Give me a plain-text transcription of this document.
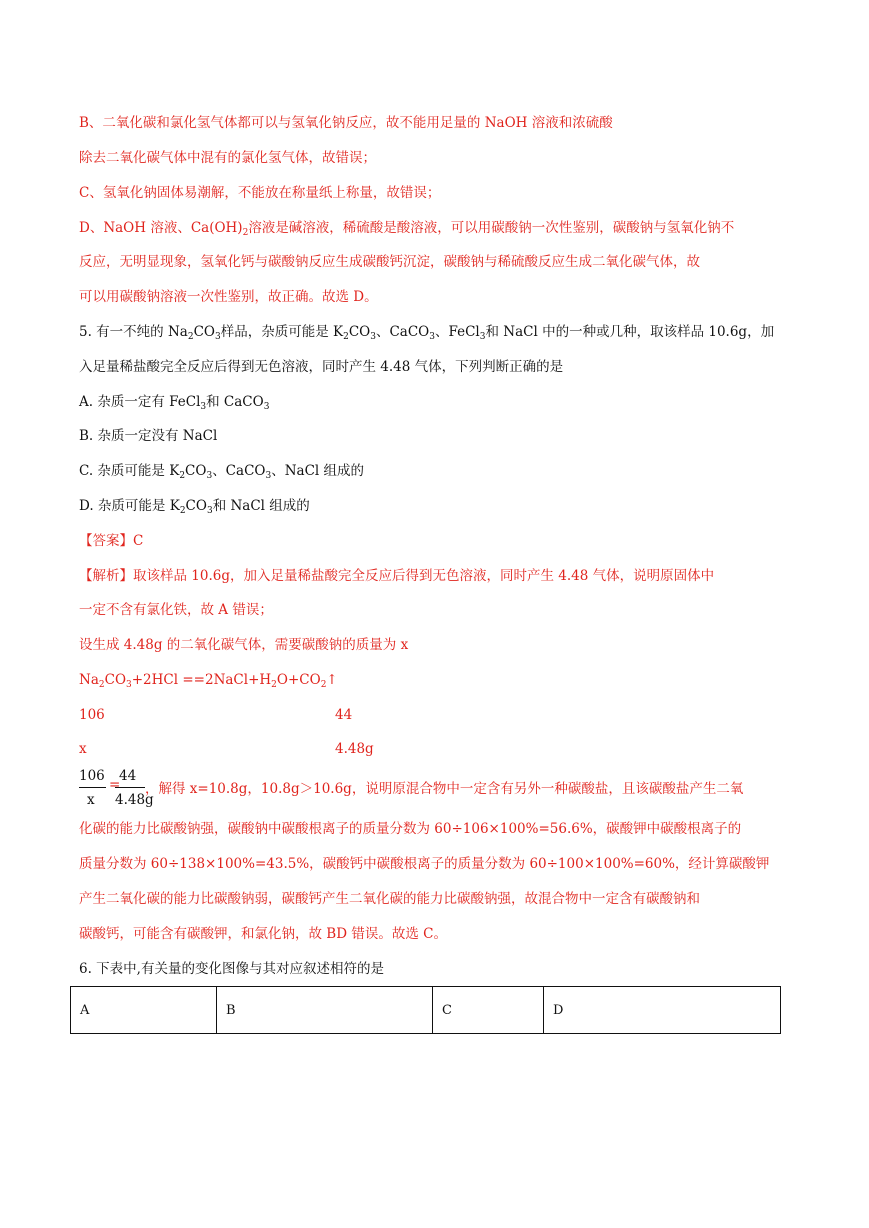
B、二氧化碳和氯化氢气体都可以与氢氧化钠反应，故不能用足量的 NaOH 溶液和浓硫酸
除去二氧化碳气体中混有的氯化氢气体，故错误；
C、氢氧化钠固体易潮解，不能放在称量纸上称量，故错误；
D、NaOH 溶液、$Ca(OH)_2$溶液是碱溶液，稀硫酸是酸溶液，可以用碳酸钠一次性鉴别，碳酸钠与氢氧化钠不
反应，无明显现象，氢氧化钙与碳酸钠反应生成碳酸钙沉淀，碳酸钠与稀硫酸反应生成二氧化碳气体，故
可以用碳酸钠溶液一次性鉴别，故正确。故选 D。
5. 有一不纯的 $Na_2CO_3$样品，杂质可能是 $K_2CO_3$、CaCO$_3$、FeCl$_3$和 NaCl 中的一种或几种，取该样品 10.6g，加
入足量稀盐酸完全反应后得到无色溶液，同时产生 4.48 气体，下列判断正确的是
A. 杂质一定有 FeCl$_3$和 CaCO$_3$
B. 杂质一定没有 NaCl
C. 杂质可能是 $K_2CO_3$、CaCO$_3$、NaCl 组成的
D. 杂质可能是 $K_2CO_3$和 NaCl 组成的
【答案】C
【解析】取该样品 10.6g，加入足量稀盐酸完全反应后得到无色溶液，同时产生 4.48 气体，说明原固体中
一定不含有氯化铁，故 A 错误；
设生成 4.48g 的二氧化碳气体，需要碳酸钠的质量为 x
$Na_2CO_3+2HCl$ $==2NaCl+H_2O+CO_2↑$
106	44
x	4.48g
106
x
=
44
4.48g
，解得 x=10.8g，10.8g＞10.6g，说明原混合物中一定含有另外一种碳酸盐，且该碳酸盐产生二氧
化碳的能力比碳酸钠强，碳酸钠中碳酸根离子的质量分数为 60÷106×100%=56.6%，碳酸钾中碳酸根离子的
质量分数为 60÷138×100%=43.5%，碳酸钙中碳酸根离子的质量分数为 60÷100×100%=60%，经计算碳酸钾
产生二氧化碳的能力比碳酸钠弱，碳酸钙产生二氧化碳的能力比碳酸钠强，故混合物中一定含有碳酸钠和
碳酸钙，可能含有碳酸钾，和氯化钠，故 BD 错误。故选 C。
6. 下表中,有关量的变化图像与其对应叙述相符的是
A	B	C	D
